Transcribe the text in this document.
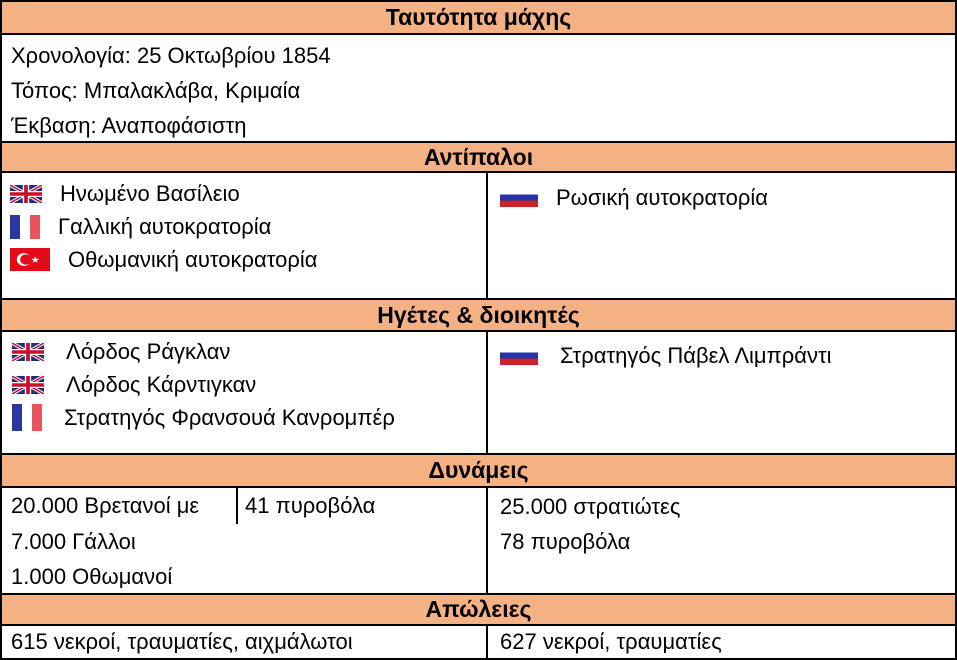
Ταυτότητα μάχης
Χρονολογία: 25 Οκτωβρίου 1854
Τόπος: Μπαλακλάβα, Κριμαία
Έκβαση: Αναποφάσιστη
Αντίπαλοι
Ηνωμένο Βασίλειο
Γαλλική αυτοκρατορία
Οθωμανική αυτοκρατορία
Ρωσική αυτοκρατορία
Ηγέτες & διοικητές
Λόρδος Ράγκλαν
Λόρδος Κάρντιγκαν
Στρατηγός Φρανσουά Κανρομπέρ
Στρατηγός Πάβελ Λιμπράντι
Δυνάμεις
20.000 Βρετανοί με	41 πυροβόλα
7.000 Γάλλοι
1.000 Οθωμανοί
25.000 στρατιώτες
78 πυροβόλα
Απώλειες
615 νεκροί, τραυματίες, αιχμάλωτοι	627 νεκροί, τραυματίες
